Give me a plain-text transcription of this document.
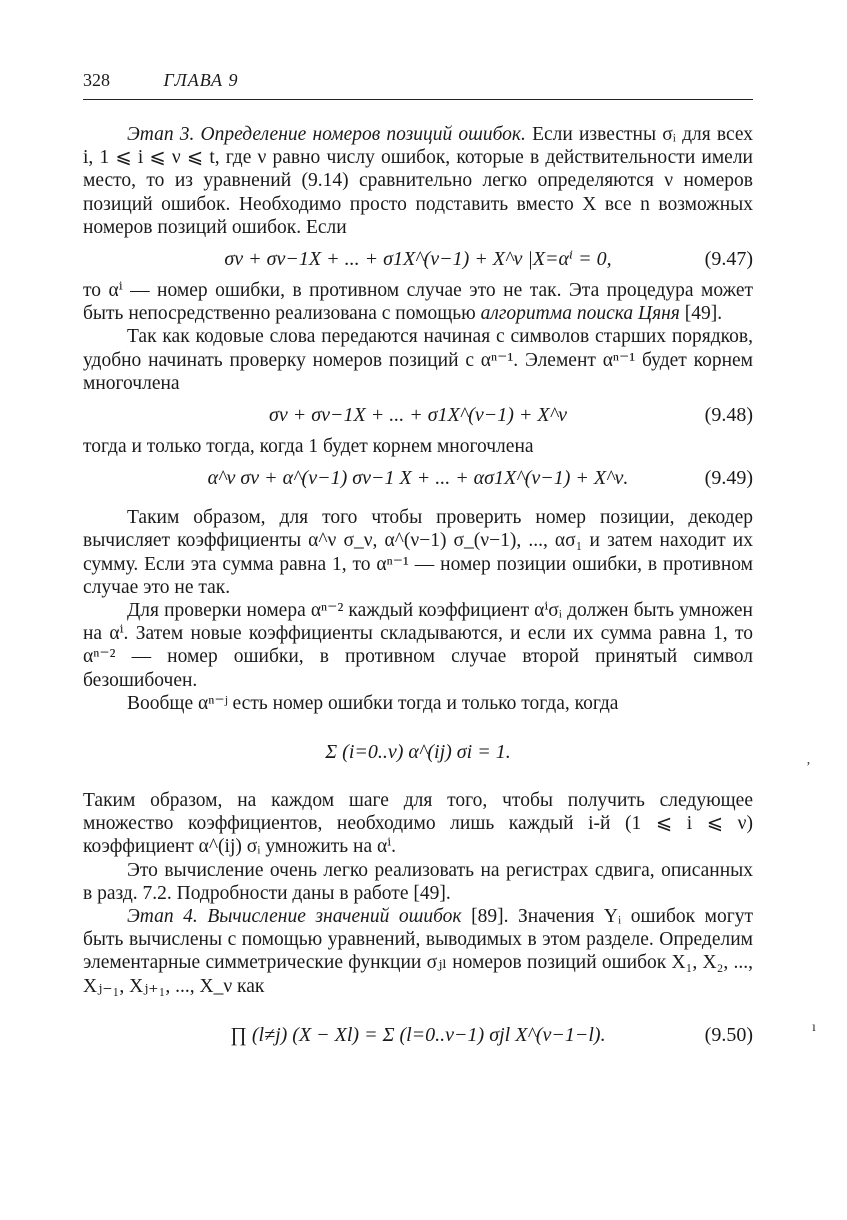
328	ГЛАВА 9
ʼ
ı

Этап 3. Определение номеров позиций ошибок. Если известны σᵢ для всех i, 1 ⩽ i ⩽ ν ⩽ t, где ν равно числу ошибок, которые в действительности имели место, то из уравнений (9.14) сравнительно легко определяются ν номеров позиций ошибок. Необходимо просто подставить вместо X все n возможных номеров позиций ошибок. Если

σν + σν−1X + ... + σ1X^(ν−1) + X^ν |X=αⁱ = 0,	(9.47)

то αⁱ — номер ошибки, в противном случае это не так. Эта процедура может быть непосредственно реализована с помощью алгоритма поиска Цяня [49].

Так как кодовые слова передаются начиная с символов старших порядков, удобно начинать проверку номеров позиций с αⁿ⁻¹. Элемент αⁿ⁻¹ будет корнем многочлена

σν + σν−1X + ... + σ1X^(ν−1) + X^ν	(9.48)

тогда и только тогда, когда 1 будет корнем многочлена

α^ν σν + α^(ν−1) σν−1 X + ... + ασ1X^(ν−1) + X^ν.	(9.49)

Таким образом, для того чтобы проверить номер позиции, декодер вычисляет коэффициенты α^ν σ_ν, α^(ν−1) σ_(ν−1), ..., ασ₁ и затем находит их сумму. Если эта сумма равна 1, то αⁿ⁻¹ — номер позиции ошибки, в противном случае это не так.

Для проверки номера αⁿ⁻² каждый коэффициент αⁱσᵢ должен быть умножен на αⁱ. Затем новые коэффициенты складываются, и если их сумма равна 1, то αⁿ⁻² — номер ошибки, в противном случае второй принятый символ безошибочен.

Вообще αⁿ⁻ʲ есть номер ошибки тогда и только тогда, когда

Σ (i=0..ν) α^(ij) σi = 1.

Таким образом, на каждом шаге для того, чтобы получить следующее множество коэффициентов, необходимо лишь каждый i-й (1 ⩽ i ⩽ ν) коэффициент α^(ij) σᵢ умножить на αⁱ.

Это вычисление очень легко реализовать на регистрах сдвига, описанных в разд. 7.2. Подробности даны в работе [49].

Этап 4. Вычисление значений ошибок [89]. Значения Yᵢ ошибок могут быть вычислены с помощью уравнений, выводимых в этом разделе. Определим элементарные симметрические функции σⱼₗ номеров позиций ошибок X₁, X₂, ..., Xⱼ₋₁, Xⱼ₊₁, ..., X_ν как

∏ (l≠j) (X − Xl) = Σ (l=0..ν−1) σjl X^(ν−1−l).	(9.50)
